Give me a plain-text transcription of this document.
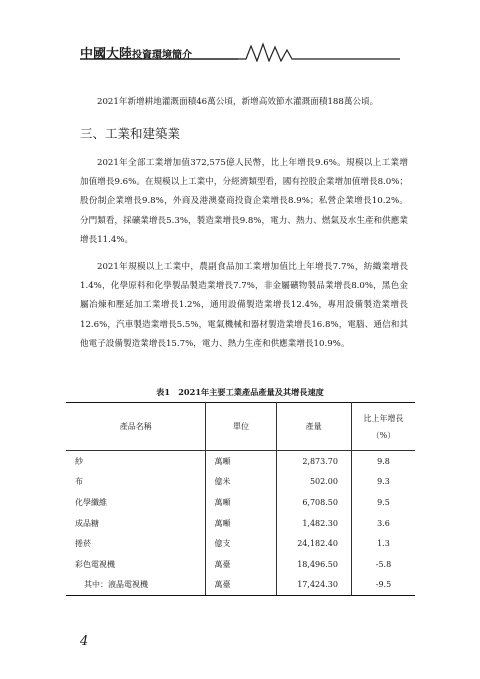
中國大陸投資環境簡介

2021年新增耕地灌溉面積46萬公頃，新增高效節水灌溉面積188萬公頃。

三、工業和建築業

2021年全部工業增加值372,575億人民幣，比上年增長9.6%。規模以上工業增加值增長9.6%。在規模以上工業中，分經濟類型看，國有控股企業增加值增長8.0%；股份制企業增長9.8%，外商及港澳臺商投資企業增長8.9%；私營企業增長10.2%。分門類看，採礦業增長5.3%，製造業增長9.8%，電力、熱力、燃氣及水生產和供應業增長11.4%。

2021年規模以上工業中，農副食品加工業增加值比上年增長7.7%，紡織業增長1.4%，化學原料和化學製品製造業增長7.7%，非金屬礦物製品業增長8.0%，黑色金屬冶煉和壓延加工業增長1.2%，通用設備製造業增長12.4%，專用設備製造業增長12.6%，汽車製造業增長5.5%，電氣機械和器材製造業增長16.8%，電腦、通信和其他電子設備製造業增長15.7%，電力、熱力生產和供應業增長10.9%。

表1　2021年主要工業產品產量及其增長速度
產品名稱	單位	產量	比上年增長
（%）

紗	萬噸	2,873.70	9.8
布	億米	502.00	9.3
化學纖維	萬噸	6,708.50	9.5
成品糖	萬噸	1,482.30	3.6
捲菸	億支	24,182.40	1.3
彩色電視機	萬臺	18,496.50	-5.8
其中：液晶電視機	萬臺	17,424.30	-9.5
4
